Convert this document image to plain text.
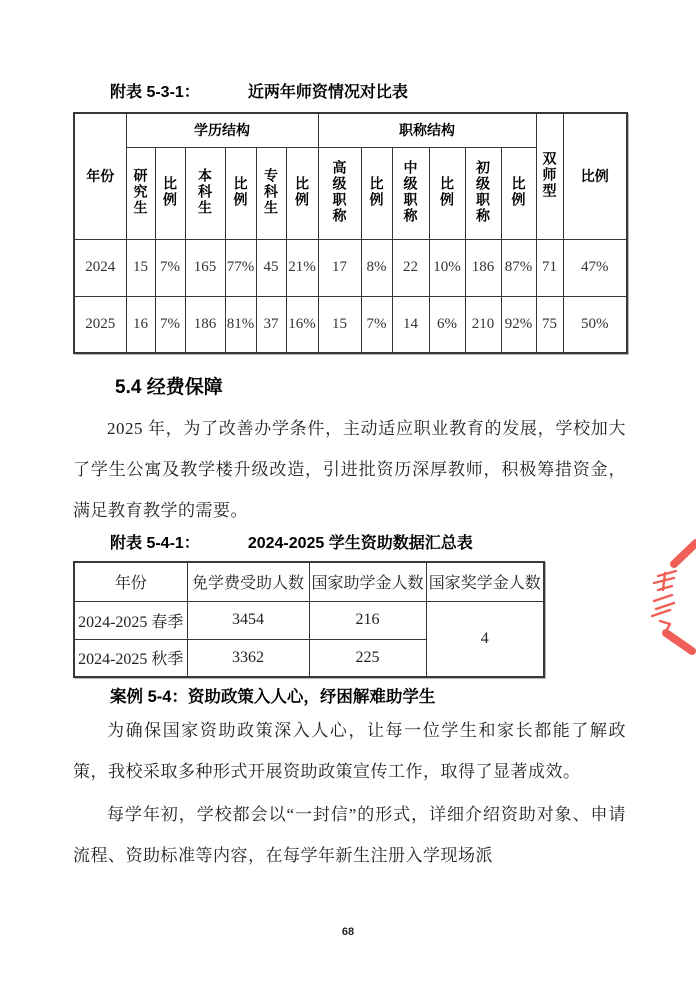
附表 5-3-1：	近两年师资情况对比表
年份	学历结构						职称结构						双师型	比例
	研究生	比例	本科生	比例	专科生	比例	高级职称	比例	中级职称	比例	初级职称	比例		
2024	15	7%	165	77%	45	21%	17	8%	22	10%	186	87%	71	47%
2025	16	7%	186	81%	37	16%	15	7%	14	6%	210	92%	75	50%
5.4 经费保障

2025 年，为了改善办学条件，主动适应职业教育的发展，学校加大了学生公寓及教学楼升级改造，引进批资历深厚教师，积极筹措资金，满足教育教学的需要。

附表 5-4-1：	2024-2025 学生资助数据汇总表
年份	免学费受助人数	国家助学金人数	国家奖学金人数
2024-2025 春季	3454	216	4
2024-2025 秋季	3362	225	
案例 5-4：资助政策入人心，纾困解难助学生

为确保国家资助政策深入人心，让每一位学生和家长都能了解政策，我校采取多种形式开展资助政策宣传工作，取得了显著成效。

每学年初，学校都会以“一封信”的形式，详细介绍资助对象、申请流程、资助标准等内容，在每学年新生注册入学现场派

68
